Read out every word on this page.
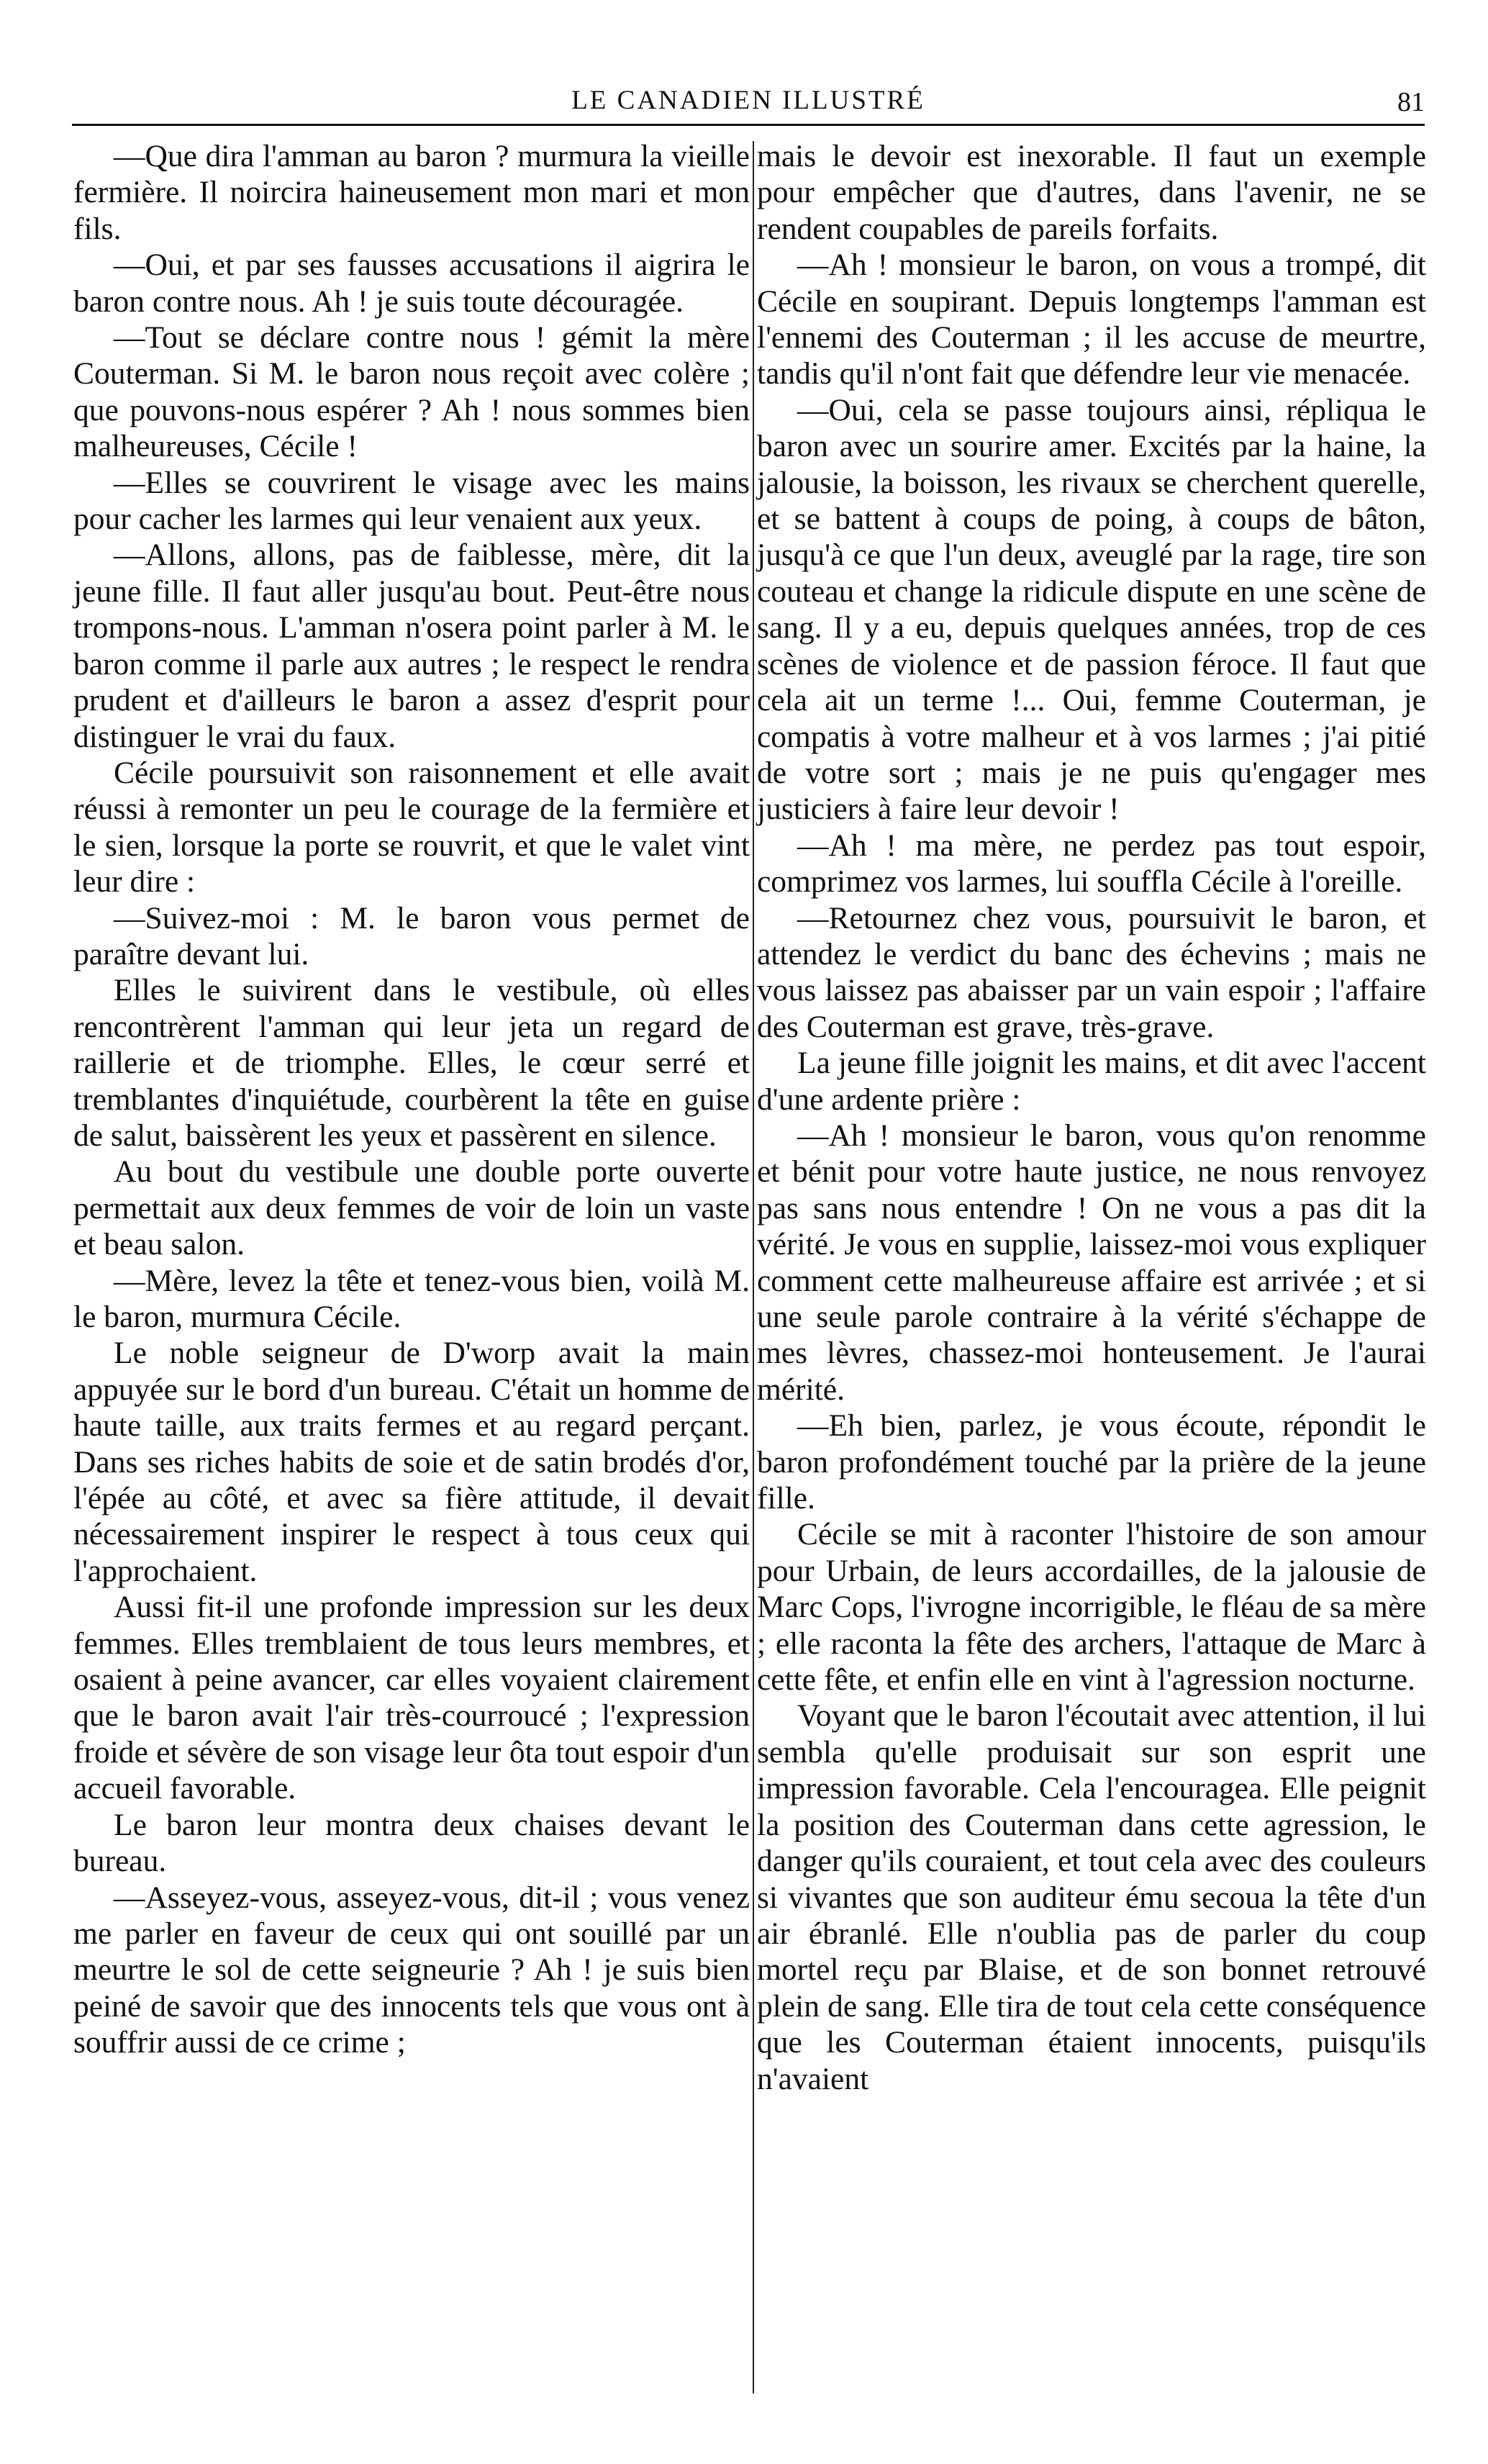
LE CANADIEN ILLUSTRÉ	81

—Que dira l'amman au baron ? murmura la vieille fermière. Il noircira haineusement mon mari et mon fils.

—Oui, et par ses fausses accusations il aigrira le baron contre nous. Ah ! je suis toute découragée.

—Tout se déclare contre nous ! gémit la mère Couterman. Si M. le baron nous reçoit avec colère ; que pouvons-nous espérer ? Ah ! nous sommes bien malheureuses, Cécile !

—Elles se couvrirent le visage avec les mains pour cacher les larmes qui leur venaient aux yeux.

—Allons, allons, pas de faiblesse, mère, dit la jeune fille. Il faut aller jusqu'au bout. Peut-être nous trompons-nous. L'amman n'osera point parler à M. le baron comme il parle aux autres ; le respect le rendra prudent et d'ailleurs le baron a assez d'esprit pour distinguer le vrai du faux.

Cécile poursuivit son raisonnement et elle avait réussi à remonter un peu le courage de la fermière et le sien, lorsque la porte se rouvrit, et que le valet vint leur dire :

—Suivez-moi : M. le baron vous permet de paraître devant lui.

Elles le suivirent dans le vestibule, où elles rencontrèrent l'amman qui leur jeta un regard de raillerie et de triomphe. Elles, le cœur serré et tremblantes d'inquiétude, courbèrent la tête en guise de salut, baissèrent les yeux et passèrent en silence.

Au bout du vestibule une double porte ouverte permettait aux deux femmes de voir de loin un vaste et beau salon.

—Mère, levez la tête et tenez-vous bien, voilà M. le baron, murmura Cécile.

Le noble seigneur de D'worp avait la main appuyée sur le bord d'un bureau. C'était un homme de haute taille, aux traits fermes et au regard perçant. Dans ses riches habits de soie et de satin brodés d'or, l'épée au côté, et avec sa fière attitude, il devait nécessairement inspirer le respect à tous ceux qui l'approchaient.

Aussi fit-il une profonde impression sur les deux femmes. Elles tremblaient de tous leurs membres, et osaient à peine avancer, car elles voyaient clairement que le baron avait l'air très-courroucé ; l'expression froide et sévère de son visage leur ôta tout espoir d'un accueil favorable.

Le baron leur montra deux chaises devant le bureau.

—Asseyez-vous, asseyez-vous, dit-il ; vous venez me parler en faveur de ceux qui ont souillé par un meurtre le sol de cette seigneurie ? Ah ! je suis bien peiné de savoir que des innocents tels que vous ont à souffrir aussi de ce crime ;

mais le devoir est inexorable. Il faut un exemple pour empêcher que d'autres, dans l'avenir, ne se rendent coupables de pareils forfaits.

—Ah ! monsieur le baron, on vous a trompé, dit Cécile en soupirant. Depuis longtemps l'amman est l'ennemi des Couterman ; il les accuse de meurtre, tandis qu'il n'ont fait que défendre leur vie menacée.

—Oui, cela se passe toujours ainsi, répliqua le baron avec un sourire amer. Excités par la haine, la jalousie, la boisson, les rivaux se cherchent querelle, et se battent à coups de poing, à coups de bâton, jusqu'à ce que l'un deux, aveuglé par la rage, tire son couteau et change la ridicule dispute en une scène de sang. Il y a eu, depuis quelques années, trop de ces scènes de violence et de passion féroce. Il faut que cela ait un terme !... Oui, femme Couterman, je compatis à votre malheur et à vos larmes ; j'ai pitié de votre sort ; mais je ne puis qu'engager mes justiciers à faire leur devoir !

—Ah ! ma mère, ne perdez pas tout espoir, comprimez vos larmes, lui souffla Cécile à l'oreille.

—Retournez chez vous, poursuivit le baron, et attendez le verdict du banc des échevins ; mais ne vous laissez pas abaisser par un vain espoir ; l'affaire des Couterman est grave, très-grave.

La jeune fille joignit les mains, et dit avec l'accent d'une ardente prière :

—Ah ! monsieur le baron, vous qu'on renomme et bénit pour votre haute justice, ne nous renvoyez pas sans nous entendre ! On ne vous a pas dit la vérité. Je vous en supplie, laissez-moi vous expliquer comment cette malheureuse affaire est arrivée ; et si une seule parole contraire à la vérité s'échappe de mes lèvres, chassez-moi honteusement. Je l'aurai mérité.

—Eh bien, parlez, je vous écoute, répondit le baron profondément touché par la prière de la jeune fille.

Cécile se mit à raconter l'histoire de son amour pour Urbain, de leurs accordailles, de la jalousie de Marc Cops, l'ivrogne incorrigible, le fléau de sa mère ; elle raconta la fête des archers, l'attaque de Marc à cette fête, et enfin elle en vint à l'agression nocturne.

Voyant que le baron l'écoutait avec attention, il lui sembla qu'elle produisait sur son esprit une impression favorable. Cela l'encouragea. Elle peignit la position des Couterman dans cette agression, le danger qu'ils couraient, et tout cela avec des couleurs si vivantes que son auditeur ému secoua la tête d'un air ébranlé. Elle n'oublia pas de parler du coup mortel reçu par Blaise, et de son bonnet retrouvé plein de sang. Elle tira de tout cela cette conséquence que les Couterman étaient innocents, puisqu'ils n'avaient
